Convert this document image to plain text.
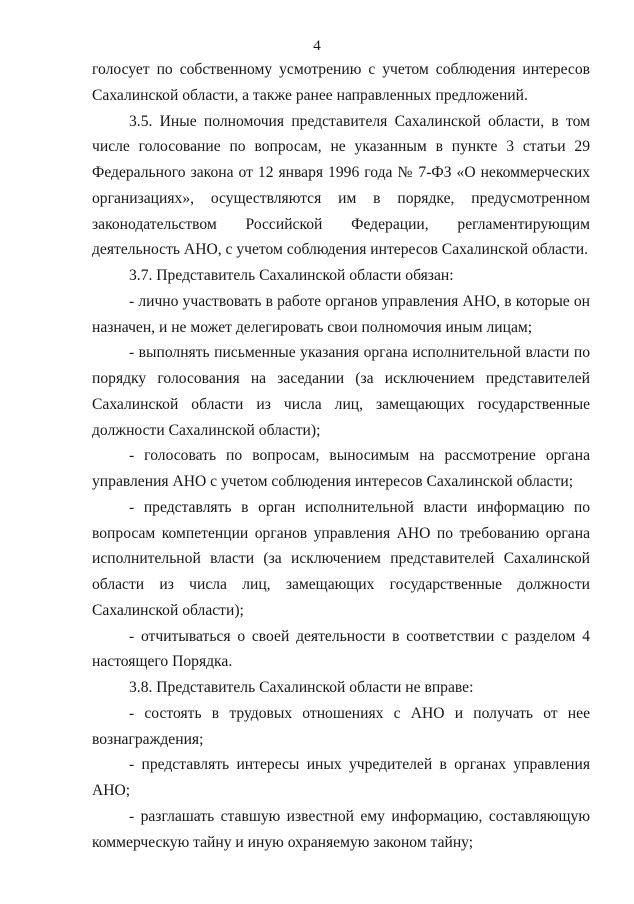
4

голосует по собственному усмотрению с учетом соблюдения интересов Сахалинской области, а также ранее направленных предложений.

3.5. Иные полномочия представителя Сахалинской области, в том числе голосование по вопросам, не указанным в пункте 3 статьи 29 Федерального закона от 12 января 1996 года № 7-ФЗ «О некоммерческих организациях», осуществляются им в порядке, предусмотренном законодательством Российской Федерации, регламентирующим деятельность АНО, с учетом соблюдения интересов Сахалинской области.

3.7. Представитель Сахалинской области обязан:

- лично участвовать в работе органов управления АНО, в которые он назначен, и не может делегировать свои полномочия иным лицам;

- выполнять письменные указания органа исполнительной власти по порядку голосования на заседании (за исключением представителей Сахалинской области из числа лиц, замещающих государственные должности Сахалинской области);

- голосовать по вопросам, выносимым на рассмотрение органа управления АНО с учетом соблюдения интересов Сахалинской области;

- представлять в орган исполнительной власти информацию по вопросам компетенции органов управления АНО по требованию органа исполнительной власти (за исключением представителей Сахалинской области из числа лиц, замещающих государственные должности Сахалинской области);

- отчитываться о своей деятельности в соответствии с разделом 4 настоящего Порядка.

3.8. Представитель Сахалинской области не вправе:

- состоять в трудовых отношениях с АНО и получать от нее вознаграждения;

- представлять интересы иных учредителей в органах управления АНО;

- разглашать ставшую известной ему информацию, составляющую коммерческую тайну и иную охраняемую законом тайну;
